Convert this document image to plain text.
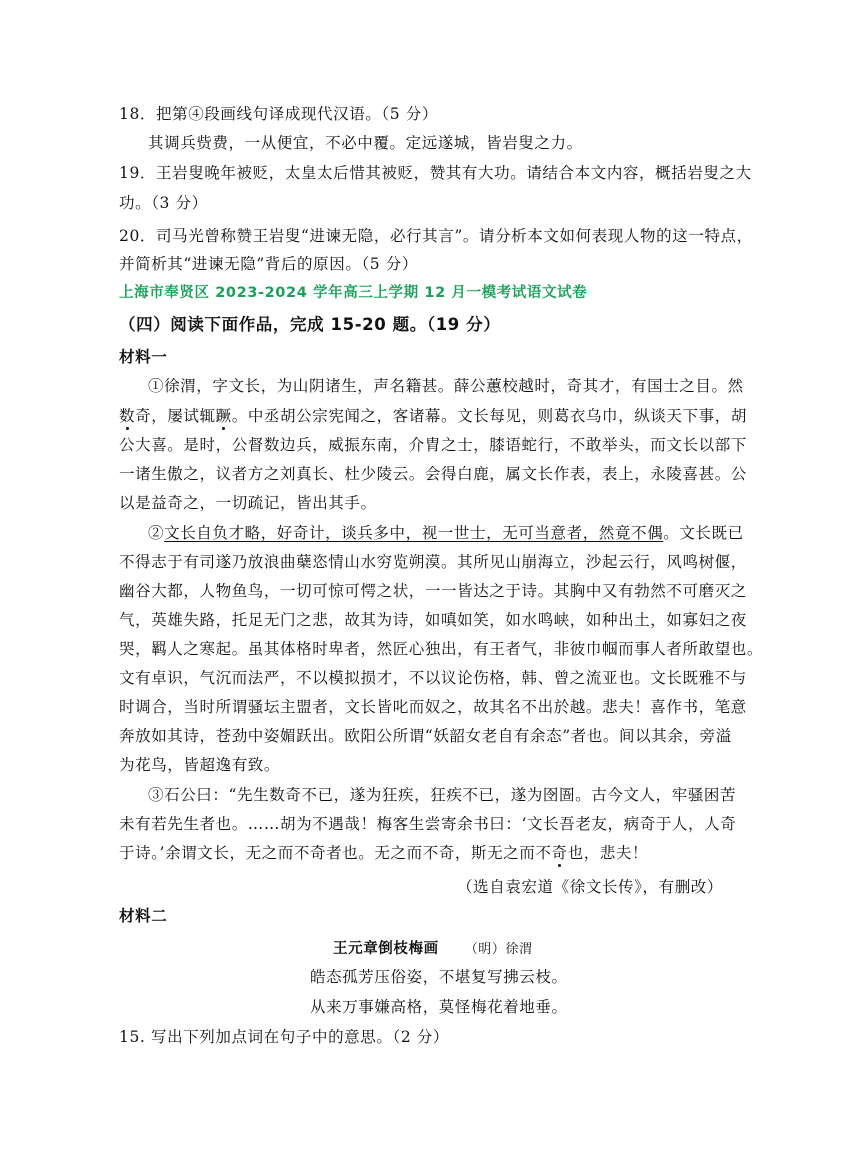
18．把第④段画线句译成现代汉语。（5 分）
其调兵赀费，一从便宜，不必中覆。定远遂城，皆岩叟之力。
19．王岩叟晚年被贬，太皇太后惜其被贬，赞其有大功。请结合本文内容，概括岩叟之大
功。（3 分）
20．司马光曾称赞王岩叟“进谏无隐，必行其言”。请分析本文如何表现人物的这一特点，
并简析其“进谏无隐”背后的原因。（5 分）
上海市奉贤区 2023-2024 学年高三上学期 12 月一模考试语文试卷
（四）阅读下面作品，完成 15-20 题。（19 分）
材料一
①徐渭，字文长，为山阴诸生，声名籍甚。薛公蕙校越时，奇其才，有国士之目。然
数奇，屡试辄蹶。中丞胡公宗宪闻之，客诸幕。文长每见，则葛衣乌巾，纵谈天下事，胡
公大喜。是时，公督数边兵，威振东南，介胄之士，膝语蛇行，不敢举头，而文长以部下
一诸生傲之，议者方之刘真长、杜少陵云。会得白鹿，属文长作表，表上，永陵喜甚。公
以是益奇之，一切疏记，皆出其手。
②文长自负才略，好奇计，谈兵多中，视一世士，无可当意者，然竟不偶。文长既已
不得志于有司遂乃放浪曲蘖恣情山水穷览朔漠。其所见山崩海立，沙起云行，风鸣树偃，
幽谷大都，人物鱼鸟，一切可惊可愕之状，一一皆达之于诗。其胸中又有勃然不可磨灭之
气，英雄失路，托足无门之悲，故其为诗，如嗔如笑，如水鸣峡，如种出土，如寡妇之夜
哭，羁人之寒起。虽其体格时卑者，然匠心独出，有王者气，非彼巾帼而事人者所敢望也。
文有卓识，气沉而法严，不以模拟损才，不以议论伤格，韩、曾之流亚也。文长既雅不与
时调合，当时所谓骚坛主盟者，文长皆叱而奴之，故其名不出於越。悲夫！喜作书，笔意
奔放如其诗，苍劲中姿媚跃出。欧阳公所谓“妖韶女老自有余态”者也。间以其余，旁溢
为花鸟，皆超逸有致。
③石公曰：“先生数奇不已，遂为狂疾，狂疾不已，遂为囹圄。古今文人，牢骚困苦
未有若先生者也。……胡为不遇哉！梅客生尝寄余书曰：‘文长吾老友，病奇于人，人奇
于诗。’余谓文长，无之而不奇者也。无之而不奇，斯无之而不奇也，悲夫！
（选自袁宏道《徐文长传》，有删改）
材料二
王元章倒枝梅画 （明）徐渭
皓态孤芳压俗姿，不堪复写拂云枝。
从来万事嫌高格，莫怪梅花着地垂。
15. 写出下列加点词在句子中的意思。（2 分）
